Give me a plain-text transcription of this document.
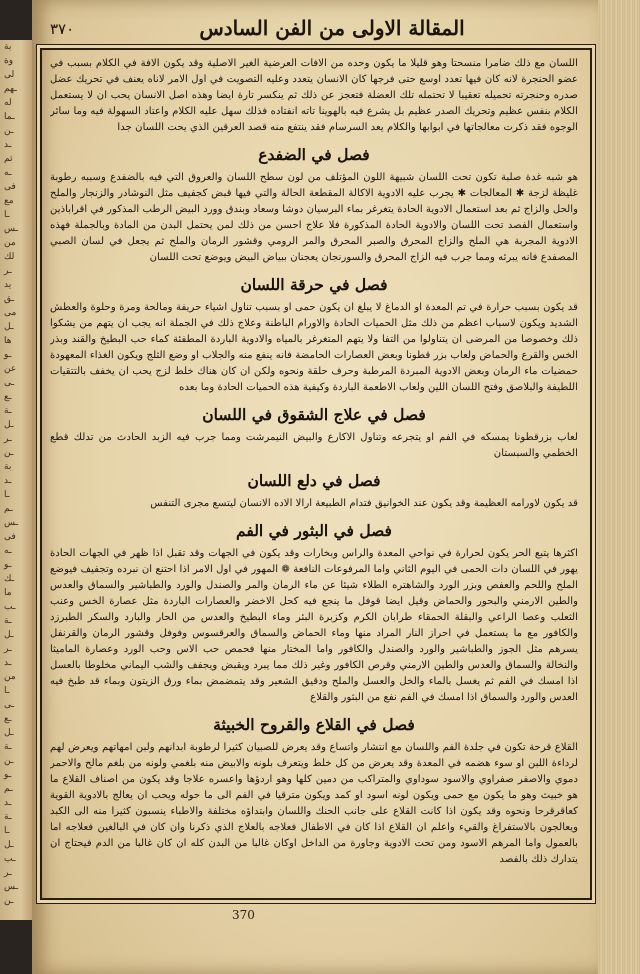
بة
وة
لى
ـهم
له
ـما
ـن
ـد
ثم
ـه
فى
مع
ـا
ـس
من
لك
ـر
يد
ـق
مى
ـل
ها
ـو
عن
ـى
ـع
ـة
ـل
ـر
ـن
بة
ـد
ـا
ـم
ـس
فى
ـه
ـو
ـك
ما
ـب
ـة
ـل
ـر
ـد
من
ـا
ـى
ـع
ـل
ـة
ـن
ـو
ـم
ـد
ـة
ـا
ـل
ـب
ـر
ـس
ـن
المقالة الاولى من الفن السادس
٣٧٠

اللسان مع ذلك ضامرا منسحتا وهو قليلا ما يكون وحده من الافات العرضية الغير الاصلية وقد يكون الافة في الكلام بسبب في عضو الحنجرة لانه كان فيها تعدد اوسع حتى فرجها كان الانسان يتعدد وعليه التصويت في اول الامر لاناه يعنف في تحريك عضل صدره وحنجرته تحميله تعقيبا لا تحتمله تلك العضلة فتعجز عن ذلك ثم ينكسر تارة ايضا وهذه اصل الانسان يحب ان لا يستعمل الكلام بنفس عظيم وتحريك الصدر عظيم بل يشرع فيه بالهوينا تاته انفتاده فذلك سهل عليه الكلام واعتاد السهولة فيه وما سائر الوجوه فقد ذكرت معالجاتها في ابوابها والكلام يعد السرسام فقد ينتفع منه قصد العرقين الذي يحت اللسان جدا

فصل في الضفدع

هو شبه غدة صلبة تكون تحت اللسان شبيهة اللون المؤتلف من لون سطح اللسان والعروق التي فيه بالضفدع وسببه رطوبة غليظة لزجة ✱ المعالجات ✱ يجرب عليه الادوية الاكالة المقطعة الحالة والتي فيها قبض كجفيف مثل النوشادر والزنجار والملح والحل والزاج ثم بعد استعمال الادوية الحادة يتغرغر بماء البرسيان دوشا وسعاد وبندق وورد البيض الرطب المذكور في اقراباذين واستعمال الفصد تحت اللسان والادوية الحادة المذكورة فلا علاج احسن من ذلك لمن يحتمل البدن من المادة وبالجملة فهذه الادوية المجربة هي الملح والزاج المحرق والصبر المحرق والمر الرومي وقشور الرمان والملح ثم يجعل في لسان الصبي المصفدع فانه يبرئه ومما جرب فيه الزاج المحرق والسورنجان يعجنان ببياض البيض ويوضع تحت اللسان

فصل في حرقة اللسان

قد يكون بسبب حرارة في تم المعدة او الدماغ لا يبلغ ان يكون حمى او بسبب تناول اشياء حريفة ومالحة ومرة وحلوة والعطش الشديد ويكون لاسباب اعظم من ذلك مثل الحميات الحادة والاورام الباطنة وعلاج ذلك في الجملة انه يجب ان يتهم من يشكوا ذلك وخصوصا من المرضى ان يتناولوا من التفا ولا يتهم المتغرغر بالمياه والادوية الباردة المطفئة كماء حب البطيخ والقند وبذر الخس والقرع والحماض ولعاب بزر قطونا وبعض العصارات الحامضة فانه ينفع منه والجلاب او وضع الثلج ويكون الغذاء المعهودة حمضيات ماء الرمان وبعض الادوية المبردة المرطبة وحرف حلقة ونحوه ولكن ان كان هناك خلط لزج يحب ان يخفف بالتتقيات اللطيفة والبلاصق وفتح اللسان اللين ولعاب الاطعمة الباردة وكيفية هذه الحميات الحادة وما بعده

فصل في علاج الشقوق في اللسان

لعاب بزرقطونا يمسكه في الفم او يتجرعه وتناول الاكارع والبيض النيمرشت ومما جرب فيه الزبد الحادث من تدلك قطع الخطمي والسبستان

فصل في دلع اللسان

قد يكون لاورامه العظيمة وقد يكون عند الخوانيق فتدام الطبيعة ارالا الاده الانسان ليتسع مجرى التنفس

فصل في البثور في الفم

اكثرها يتبع الحر يكون لحرارة في نواحي المعدة والراس وبخارات وقد يكون في الجهات وقد تقبل اذا ظهر في الجهات الحادة يهور في اللسان دات الحمى في اليوم الثاني واما المرفوعات النافعة ❁ المهور في اول الامر اذا احتنع ان نبرده وتجفيف فيوضع الملح واللحم والعفص وبزر الورد والشاهتره الطلاء شيئا عن ماء الرمان والمر والصندل والورد والطباشير والسماق والعدس والطين الارمني والبحور والحماض وقيل ايضا قوفل ما ينجع فيه كحل الاخضر والعصارات الباردة مثل عصارة الخس وعنب الثعلب وعصا الراعي والبقلة الحمقاء طرابان الكرم وكزبرة البئر وماء البطيخ والعدس من الحار والبارد والسكر الطبرزد والكافور مع ما يستعمل في احراز النار المراد منها وماء الحماض والسماق والعرقسوس وفوفل وقشور الرمان والقرنفل يسرهم مثل الجوز والطباشير والورد والصندل والكافور واما المختار منها فحمص حب الاس وحب الورد وعصارة الماميثا والنخالة والسماق والعدس والطين الارمني وقرص الكافور وغير ذلك مما يبرد ويقبض ويجفف والشب اليماني مخلوطا بالعسل اذا امسك في الفم ثم يغسل بالماء والخل والعسل والملح ودقيق الشعير وقد يتمضمض بماء ورق الزيتون وبماء قد طبخ فيه العدس والورد والسماق اذا امسك في الفم نفع من البثور والقلاع

فصل في القلاع والقروح الخبيثة

القلاع قرحة تكون في جلدة الفم واللسان مع انتشار واتساع وقد يعرض للصبيان كثيرا لرطوبة ابدانهم ولبن امهاتهم ويعرض لهم لرداءة اللبن او سوء هضمه في المعدة وقد يعرض من كل خلط ويتعرف بلونه والابيض منه بلغمي ولونه من بلغم مالح والاحمر دموي والاصفر صفراوي والاسود سوداوي والمتراكب من دمين كلها وهو اردؤها واعسره علاجا وقد يكون من اصناف القلاع ما هو خبيث وهو ما يكون مع حمى ويكون لونه اسود او كمد ويكون مترقيا في الفم الى ما حوله ويحب ان يعالج بالادوية القوية كعاقرقرحا ونحوه وقد يكون اذا كانت القلاع على جانب الحنك واللسان وابتداؤه مختلفة والاطباء ينسبون كثيرا منه الى الكبد ويعالجون بالاستفراغ والقيء واعلم ان القلاع اذا كان في الاطفال فعلاجه بالعلاج الذي ذكرنا وان كان في البالغين فعلاجه اما بالعمول واما المرهم الاسود ومن تحت الادوية وجاورة من الداخل اوكان غالبا من البدن كله ان كان غالبا من الدم فيحتاج ان يتدارك ذلك بالفصد

370
